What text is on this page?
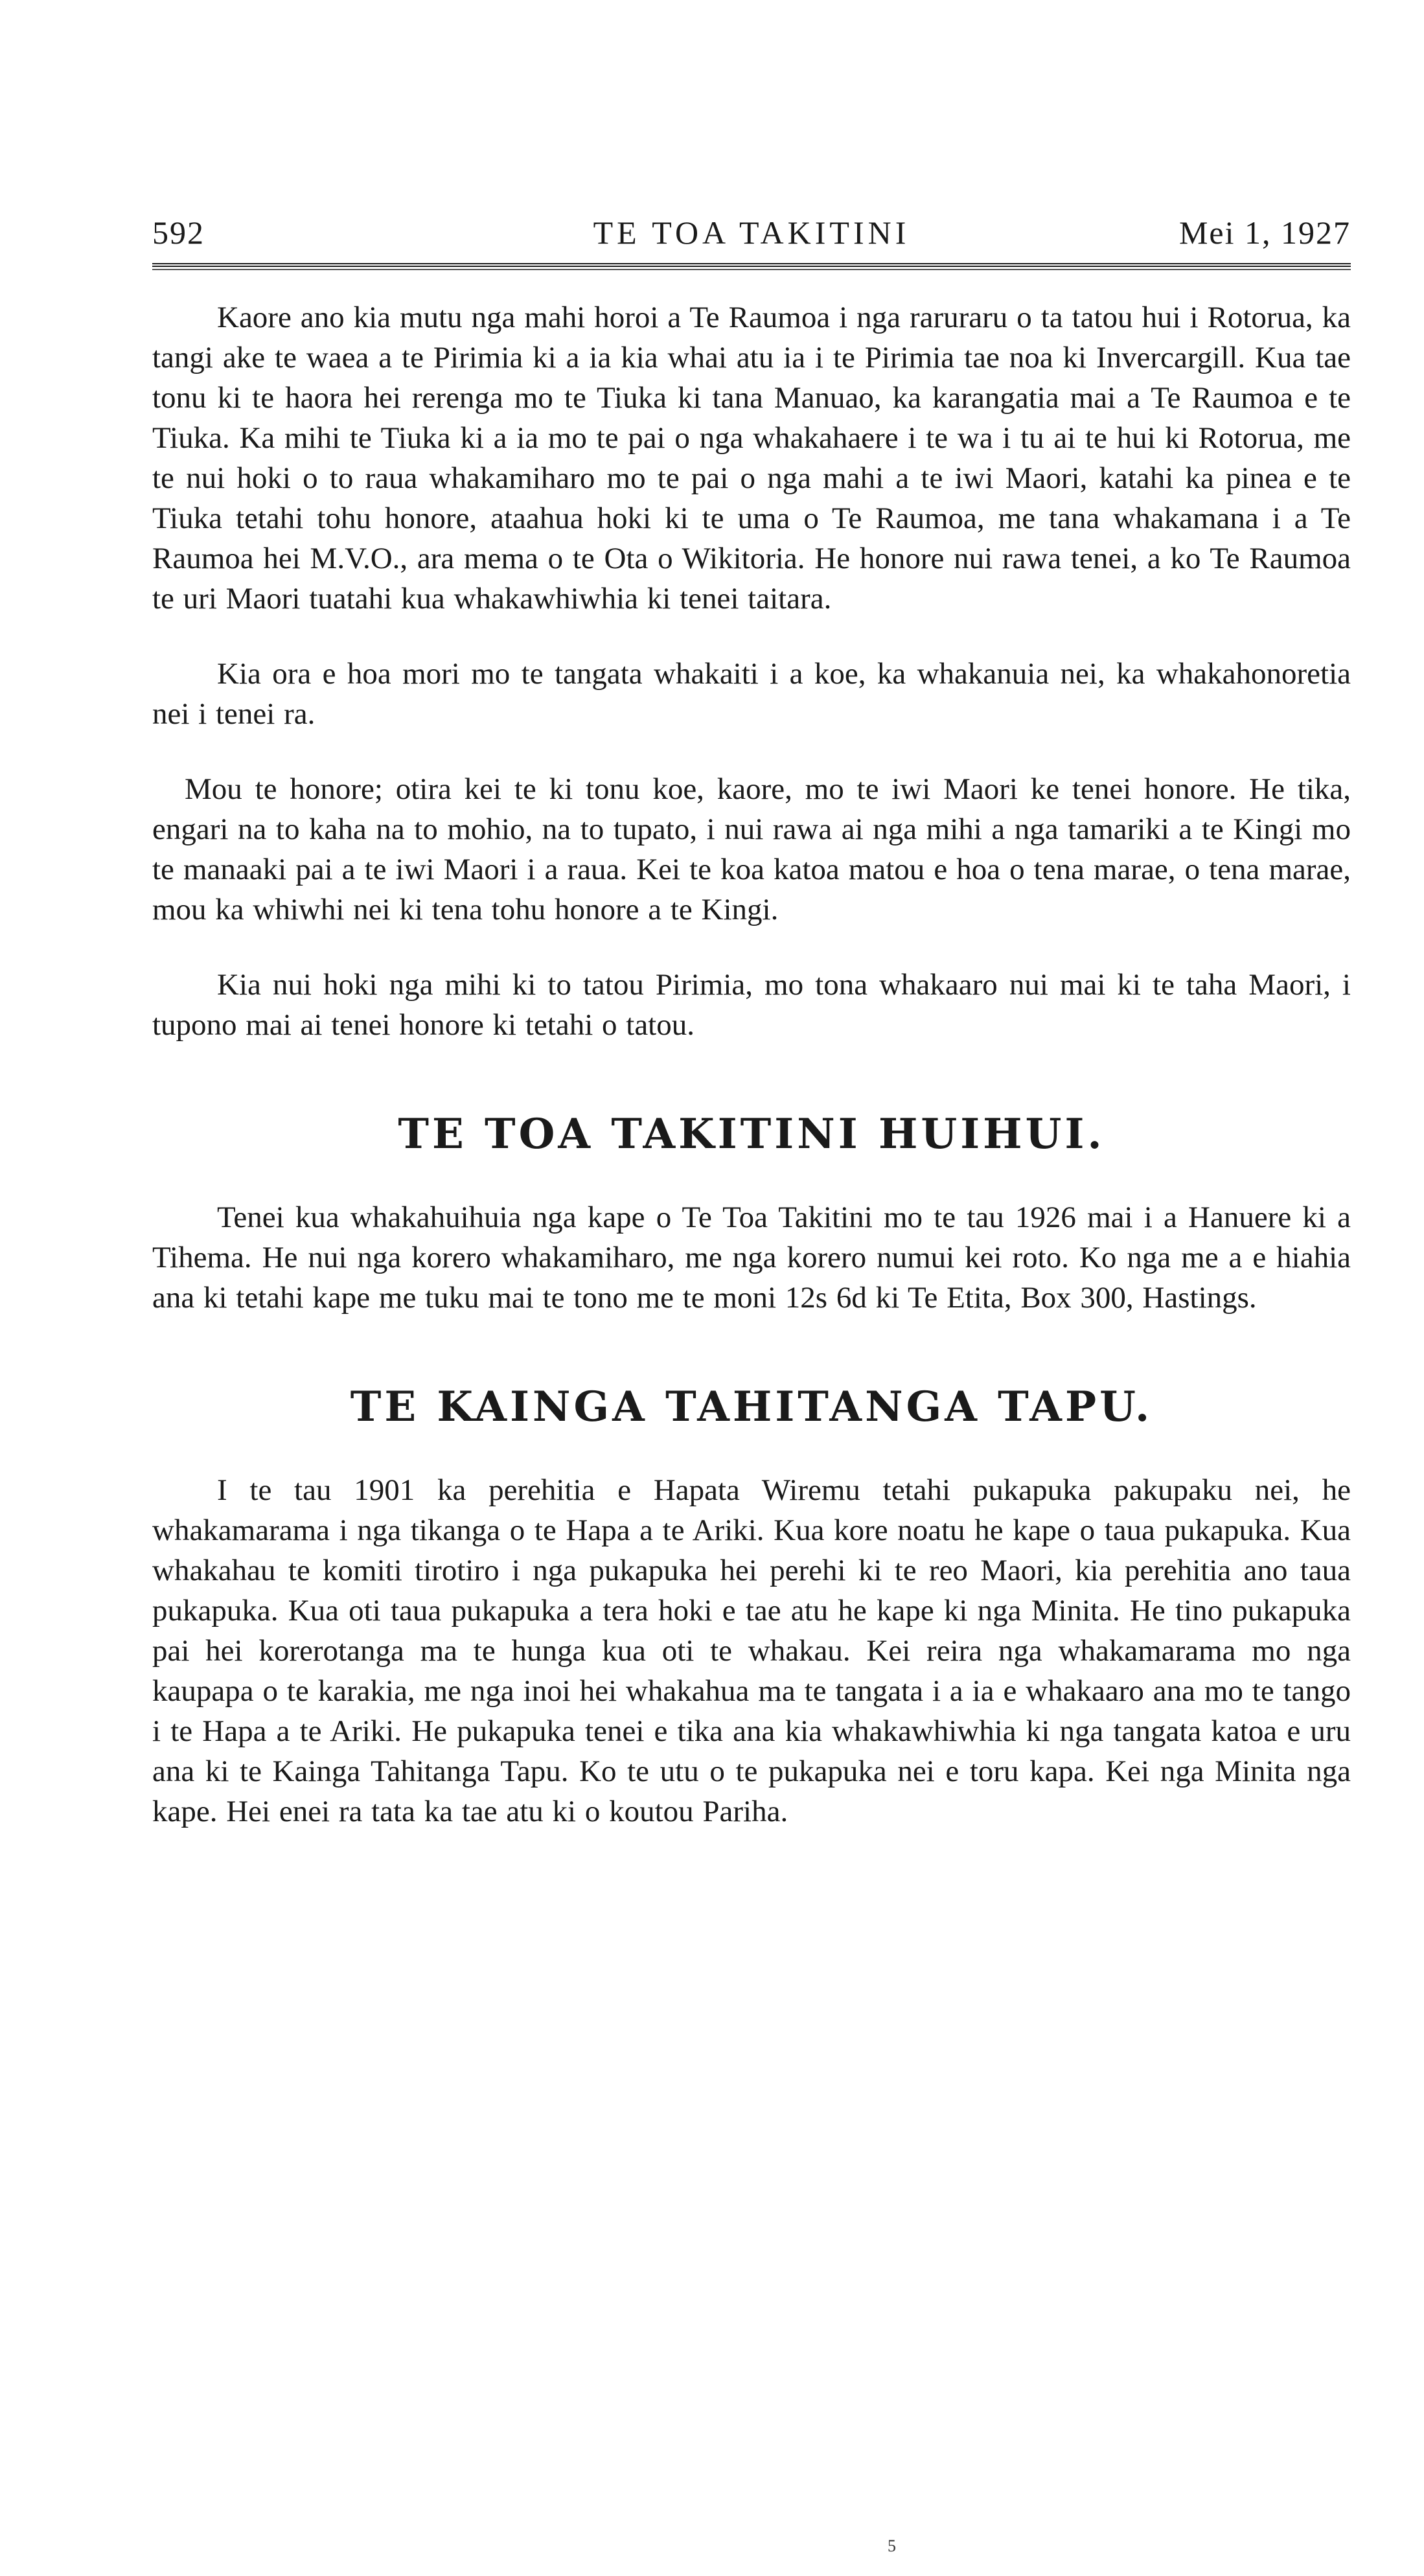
592	TE TOA TAKITINI	Mei 1, 1927

Kaore ano kia mutu nga mahi horoi a Te Raumoa i nga raruraru o ta tatou hui i Rotorua, ka tangi ake te waea a te Pirimia ki a ia kia whai atu ia i te Pirimia tae noa ki Invercargill. Kua tae tonu ki te haora hei rerenga mo te Tiuka ki tana Manuao, ka karangatia mai a Te Raumoa e te Tiuka. Ka mihi te Tiuka ki a ia mo te pai o nga whakahaere i te wa i tu ai te hui ki Rotorua, me te nui hoki o to raua whakamiharo mo te pai o nga mahi a te iwi Maori, katahi ka pinea e te Tiuka tetahi tohu honore, ataahua hoki ki te uma o Te Raumoa, me tana whakamana i a Te Raumoa hei M.V.O., ara mema o te Ota o Wikitoria. He honore nui rawa tenei, a ko Te Raumoa te uri Maori tuatahi kua whakawhiwhia ki tenei taitara.

Kia ora e hoa mori mo te tangata whakaiti i a koe, ka whakanuia nei, ka whakahonoretia nei i tenei ra.

Mou te honore; otira kei te ki tonu koe, kaore, mo te iwi Maori ke tenei honore. He tika, engari na to kaha na to mohio, na to tupato, i nui rawa ai nga mihi a nga tamariki a te Kingi mo te manaaki pai a te iwi Maori i a raua. Kei te koa katoa matou e hoa o tena marae, o tena marae, mou ka whiwhi nei ki tena tohu honore a te Kingi.

Kia nui hoki nga mihi ki to tatou Pirimia, mo tona whakaaro nui mai ki te taha Maori, i tupono mai ai tenei honore ki tetahi o tatou.

TE TOA TAKITINI HUIHUI.

Tenei kua whakahuihuia nga kape o Te Toa Takitini mo te tau 1926 mai i a Hanuere ki a Tihema. He nui nga korero whakamiharo, me nga korero numui kei roto. Ko nga me a e hiahia ana ki tetahi kape me tuku mai te tono me te moni 12s 6d ki Te Etita, Box 300, Hastings.

TE KAINGA TAHITANGA TAPU.

I te tau 1901 ka perehitia e Hapata Wiremu tetahi pukapuka pakupaku nei, he whakamarama i nga tikanga o te Hapa a te Ariki. Kua kore noatu he kape o taua pukapuka. Kua whakahau te komiti tirotiro i nga pukapuka hei perehi ki te reo Maori, kia perehitia ano taua pukapuka. Kua oti taua pukapuka a tera hoki e tae atu he kape ki nga Minita. He tino pukapuka pai hei korerotanga ma te hunga kua oti te whakau. Kei reira nga whakamarama mo nga kaupapa o te karakia, me nga inoi hei whakahua ma te tangata i a ia e whakaaro ana mo te tango i te Hapa a te Ariki. He pukapuka tenei e tika ana kia whakawhiwhia ki nga tangata katoa e uru ana ki te Kainga Tahitanga Tapu. Ko te utu o te pukapuka nei e toru kapa. Kei nga Minita nga kape. Hei enei ra tata ka tae atu ki o koutou Pariha.

5
